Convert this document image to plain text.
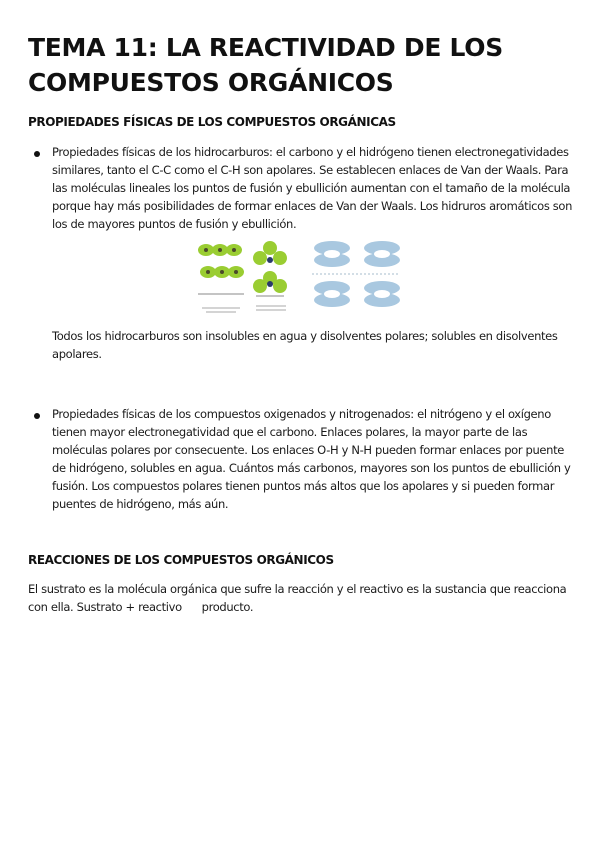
TEMA 11: LA REACTIVIDAD DE LOS COMPUESTOS ORGÁNICOS
PROPIEDADES FÍSICAS DE LOS COMPUESTOS ORGÁNICAS
Propiedades físicas de los hidrocarburos: el carbono y el hidrógeno tienen electronegatividades similares, tanto el C-C como el C-H son apolares. Se establecen enlaces de Van der Waals. Para las moléculas lineales los puntos de fusión y ebullición aumentan con el tamaño de la molécula porque hay más posibilidades de formar enlaces de Van der Waals. Los hidruros aromáticos son los de mayores puntos de fusión y ebullición.
Todos los hidrocarburos son insolubles en agua y disolventes polares; solubles en disolventes apolares.
Propiedades físicas de los compuestos oxigenados y nitrogenados: el nitrógeno y el oxígeno tienen mayor electronegatividad que el carbono. Enlaces polares, la mayor parte de las moléculas polares por consecuente. Los enlaces O-H y N-H pueden formar enlaces por puente de hidrógeno, solubles en agua. Cuántos más carbonos, mayores son los puntos de ebullición y fusión. Los compuestos polares tienen puntos más altos que los apolares y si pueden formar puentes de hidrógeno, más aún.
REACCIONES DE LOS COMPUESTOS ORGÁNICOS
El sustrato es la molécula orgánica que sufre la reacción y el reactivo es la sustancia que reacciona con ella. Sustrato + reactivo      producto.
